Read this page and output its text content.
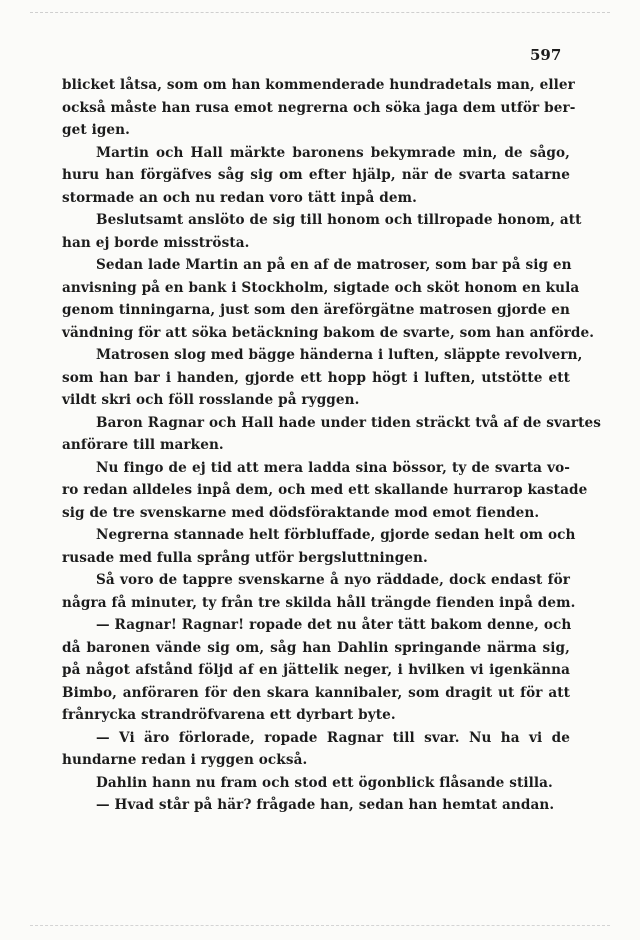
597
blicket låtsa, som om han kommenderade hundradetals man, eller
också måste han rusa emot negrerna och söka jaga dem utför ber-
get igen.
Martin och Hall märkte baronens bekymrade min, de sågo,
huru han förgäfves såg sig om efter hjälp, när de svarta satarne
stormade an och nu redan voro tätt inpå dem.
Beslutsamt anslöto de sig till honom och tillropade honom, att
han ej borde misströsta.
Sedan lade Martin an på en af de matroser, som bar på sig en
anvisning på en bank i Stockholm, sigtade och sköt honom en kula
genom tinningarna, just som den äreförgätne matrosen gjorde en
vändning för att söka betäckning bakom de svarte, som han anförde.
Matrosen slog med bägge händerna i luften, släppte revolvern,
som han bar i handen, gjorde ett hopp högt i luften, utstötte ett
vildt skri och föll rosslande på ryggen.
Baron Ragnar och Hall hade under tiden sträckt två af de svartes
anförare till marken.
Nu fingo de ej tid att mera ladda sina bössor, ty de svarta vo-
ro redan alldeles inpå dem, och med ett skallande hurrarop kastade
sig de tre svenskarne med dödsföraktande mod emot fienden.
Negrerna stannade helt förbluffade, gjorde sedan helt om och
rusade med fulla språng utför bergsluttningen.
Så voro de tappre svenskarne å nyo räddade, dock endast för
några få minuter, ty från tre skilda håll trängde fienden inpå dem.
— Ragnar! Ragnar! ropade det nu åter tätt bakom denne, och
då baronen vände sig om, såg han Dahlin springande närma sig,
på något afstånd följd af en jättelik neger, i hvilken vi igenkänna
Bimbo, anföraren för den skara kannibaler, som dragit ut för att
frånrycka strandröfvarena ett dyrbart byte.
— Vi äro förlorade, ropade Ragnar till svar. Nu ha vi de
hundarne redan i ryggen också.
Dahlin hann nu fram och stod ett ögonblick flåsande stilla.
— Hvad står på här? frågade han, sedan han hemtat andan.
